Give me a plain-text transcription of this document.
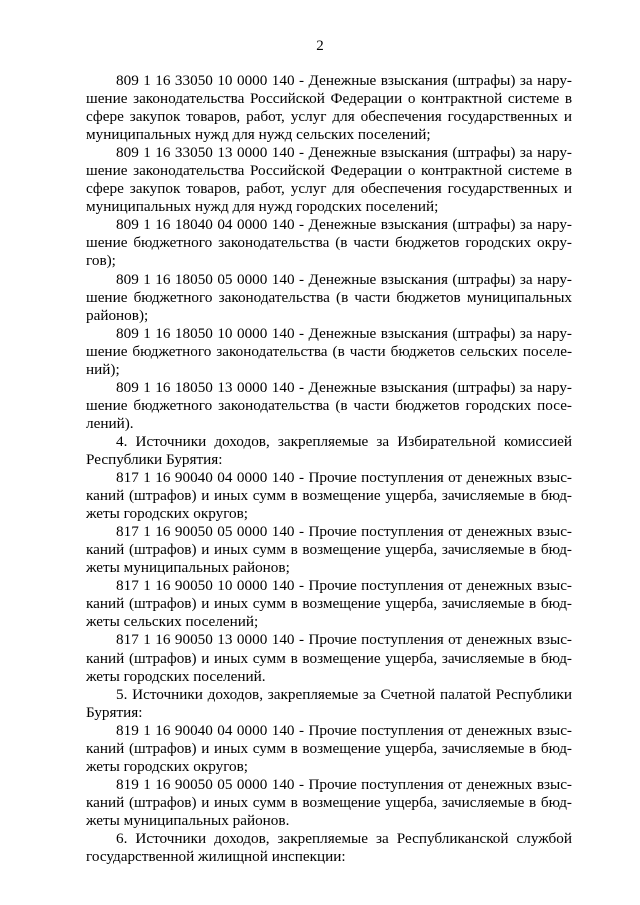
2
809 1 16 33050 10 0000 140 - Денежные взыскания (штрафы) за нару-
шение законодательства Российской Федерации о контрактной системе в
сфере закупок товаров, работ, услуг для обеспечения государственных и
муниципальных нужд для нужд сельских поселений;
809 1 16 33050 13 0000 140 - Денежные взыскания (штрафы) за нару-
шение законодательства Российской Федерации о контрактной системе в
сфере закупок товаров, работ, услуг для обеспечения государственных и
муниципальных нужд для нужд городских поселений;
809 1 16 18040 04 0000 140 - Денежные взыскания (штрафы) за нару-
шение бюджетного законодательства (в части бюджетов городских окру-
гов);
809 1 16 18050 05 0000 140 - Денежные взыскания (штрафы) за нару-
шение бюджетного законодательства (в части бюджетов муниципальных
районов);
809 1 16 18050 10 0000 140 - Денежные взыскания (штрафы) за нару-
шение бюджетного законодательства (в части бюджетов сельских поселе-
ний);
809 1 16 18050 13 0000 140 - Денежные взыскания (штрафы) за нару-
шение бюджетного законодательства (в части бюджетов городских посе-
лений).
4. Источники доходов, закрепляемые за Избирательной комиссией
Республики Бурятия:
817 1 16 90040 04 0000 140 - Прочие поступления от денежных взыс-
каний (штрафов) и иных сумм в возмещение ущерба, зачисляемые в бюд-
жеты городских округов;
817 1 16 90050 05 0000 140 - Прочие поступления от денежных взыс-
каний (штрафов) и иных сумм в возмещение ущерба, зачисляемые в бюд-
жеты муниципальных районов;
817 1 16 90050 10 0000 140 - Прочие поступления от денежных взыс-
каний (штрафов) и иных сумм в возмещение ущерба, зачисляемые в бюд-
жеты сельских поселений;
817 1 16 90050 13 0000 140 - Прочие поступления от денежных взыс-
каний (штрафов) и иных сумм в возмещение ущерба, зачисляемые в бюд-
жеты городских поселений.
5. Источники доходов, закрепляемые за Счетной палатой Республики
Бурятия:
819 1 16 90040 04 0000 140 - Прочие поступления от денежных взыс-
каний (штрафов) и иных сумм в возмещение ущерба, зачисляемые в бюд-
жеты городских округов;
819 1 16 90050 05 0000 140 - Прочие поступления от денежных взыс-
каний (штрафов) и иных сумм в возмещение ущерба, зачисляемые в бюд-
жеты муниципальных районов.
6. Источники доходов, закрепляемые за Республиканской службой
государственной жилищной инспекции:
